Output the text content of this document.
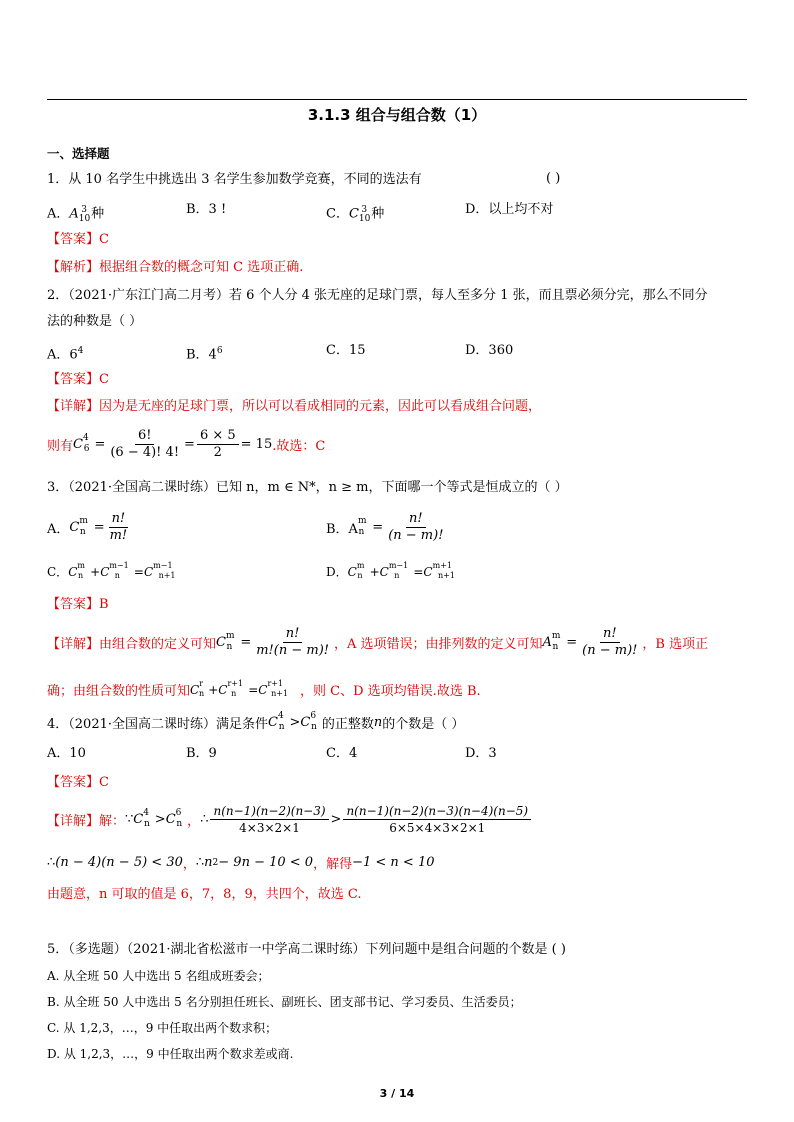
3.1.3 组合与组合数（1）
一、选择题
1．从 10 名学生中挑选出 3 名学生参加数学竞赛，不同的选法有	( )
A．$A_{10}^3$ 种	B．3 !	C．$C_{10}^3$ 种	D．以上均不对
【答案】C
【解析】根据组合数的概念可知 C 选项正确.
2．（2021·广东江门高二月考）若 6 个人分 4 张无座的足球门票，每人至多分 1 张，而且票必须分完，那么不同分
法的种数是（ ）
A．$6^4$	B．$4^6$	C．15	D．360
【答案】C
【详解】因为是无座的足球门票，所以可以看成相同的元素，因此可以看成组合问题，
则有 C 4
$6 = \frac{6!}{(6 - 4)! 4!} = \frac{6 \times 5}{2} = 15$ .故选：C
3．（2021·全国高二课时练）已知 n，m ∈ N*，n ≥ m，下面哪一个等式是恒成立的（ ）
A． C m
$n = \frac{n!}{m!}$	B．A
m
$n = \frac{n!}{(n - m)!}$
C． C m
n + C m−1
n = C m−1
n+1	D． C m
n + C m−1
n = C m+1
n+1
【答案】B
【详解】由组合数的定义可知 C m
$n = \frac{n!}{m!(n - m)!}$ ，A 选项错误；由排列数的定义可知 A m
$n = \frac{n!}{(n - m)!}$ ，B 选项正
确；由组合数的性质可知 C r
n + C r+1
n = C r+1
n+1 ，则 C、D 选项均错误.故选 B.
4．（2021·全国高二课时练）满足条件 C 4
n > C 6
n 的正整数 n 的个数是（ ）
A．10	B．9	C．4	D．3
【答案】C
【详解】解： ∵ C 4
n > C 6
n ， ∴ $\frac{n(n-1)(n-2)(n-3)}{4\times 3\times 2\times 1} > \frac{n(n-1)(n-2)(n-3)(n-4)(n-5)}{6\times 5\times 4\times 3\times 2\times 1}$
∴ (n − 4)(n − 5) < 30 ， ∴ n 2 − 9n − 10 < 0 ，解得 −1 < n < 10
由题意，n 可取的值是 6，7，8，9，共四个，故选 C.
5．（多选题）（2021·湖北省松滋市一中学高二课时练）下列问题中是组合问题的个数是 ( )
A. 从全班 50 人中选出 5 名组成班委会；
B. 从全班 50 人中选出 5 名分别担任班长、副班长、团支部书记、学习委员、生活委员；
C. 从 1,2,3，…，9 中任取出两个数求积；
D. 从 1,2,3，…，9 中任取出两个数求差或商.
3 / 14
